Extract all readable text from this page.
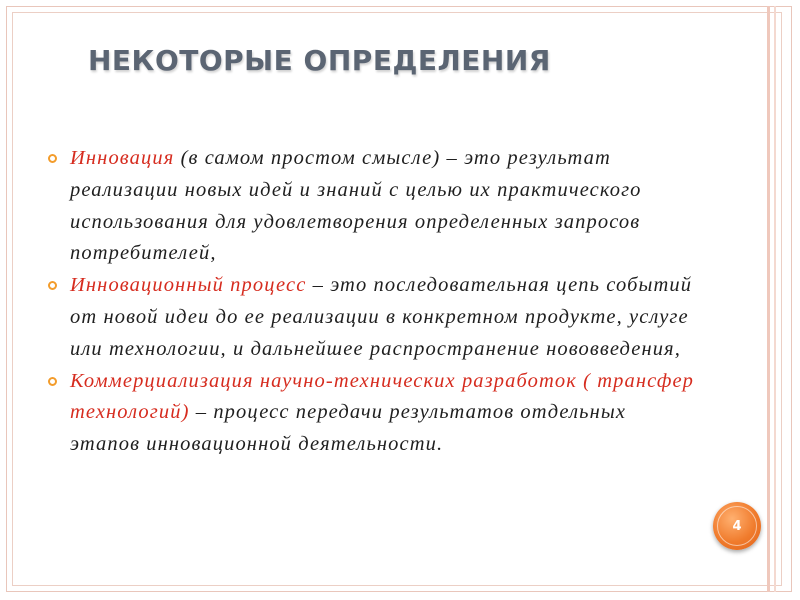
НЕКОТОРЫЕ ОПРЕДЕЛЕНИЯ
Инновация (в самом простом смысле) – это результат реализации новых идей и знаний с целью их практического использования для удовлетворения определенных запросов потребителей,
Инновационный процесс – это последовательная цепь событий от новой идеи до ее реализации в конкретном продукте, услуге или технологии, и дальнейшее распространение нововведения,
Коммерциализация научно-технических разработок ( трансфер технологий) – процесс передачи результатов отдельных этапов инновационной деятельности.
4
